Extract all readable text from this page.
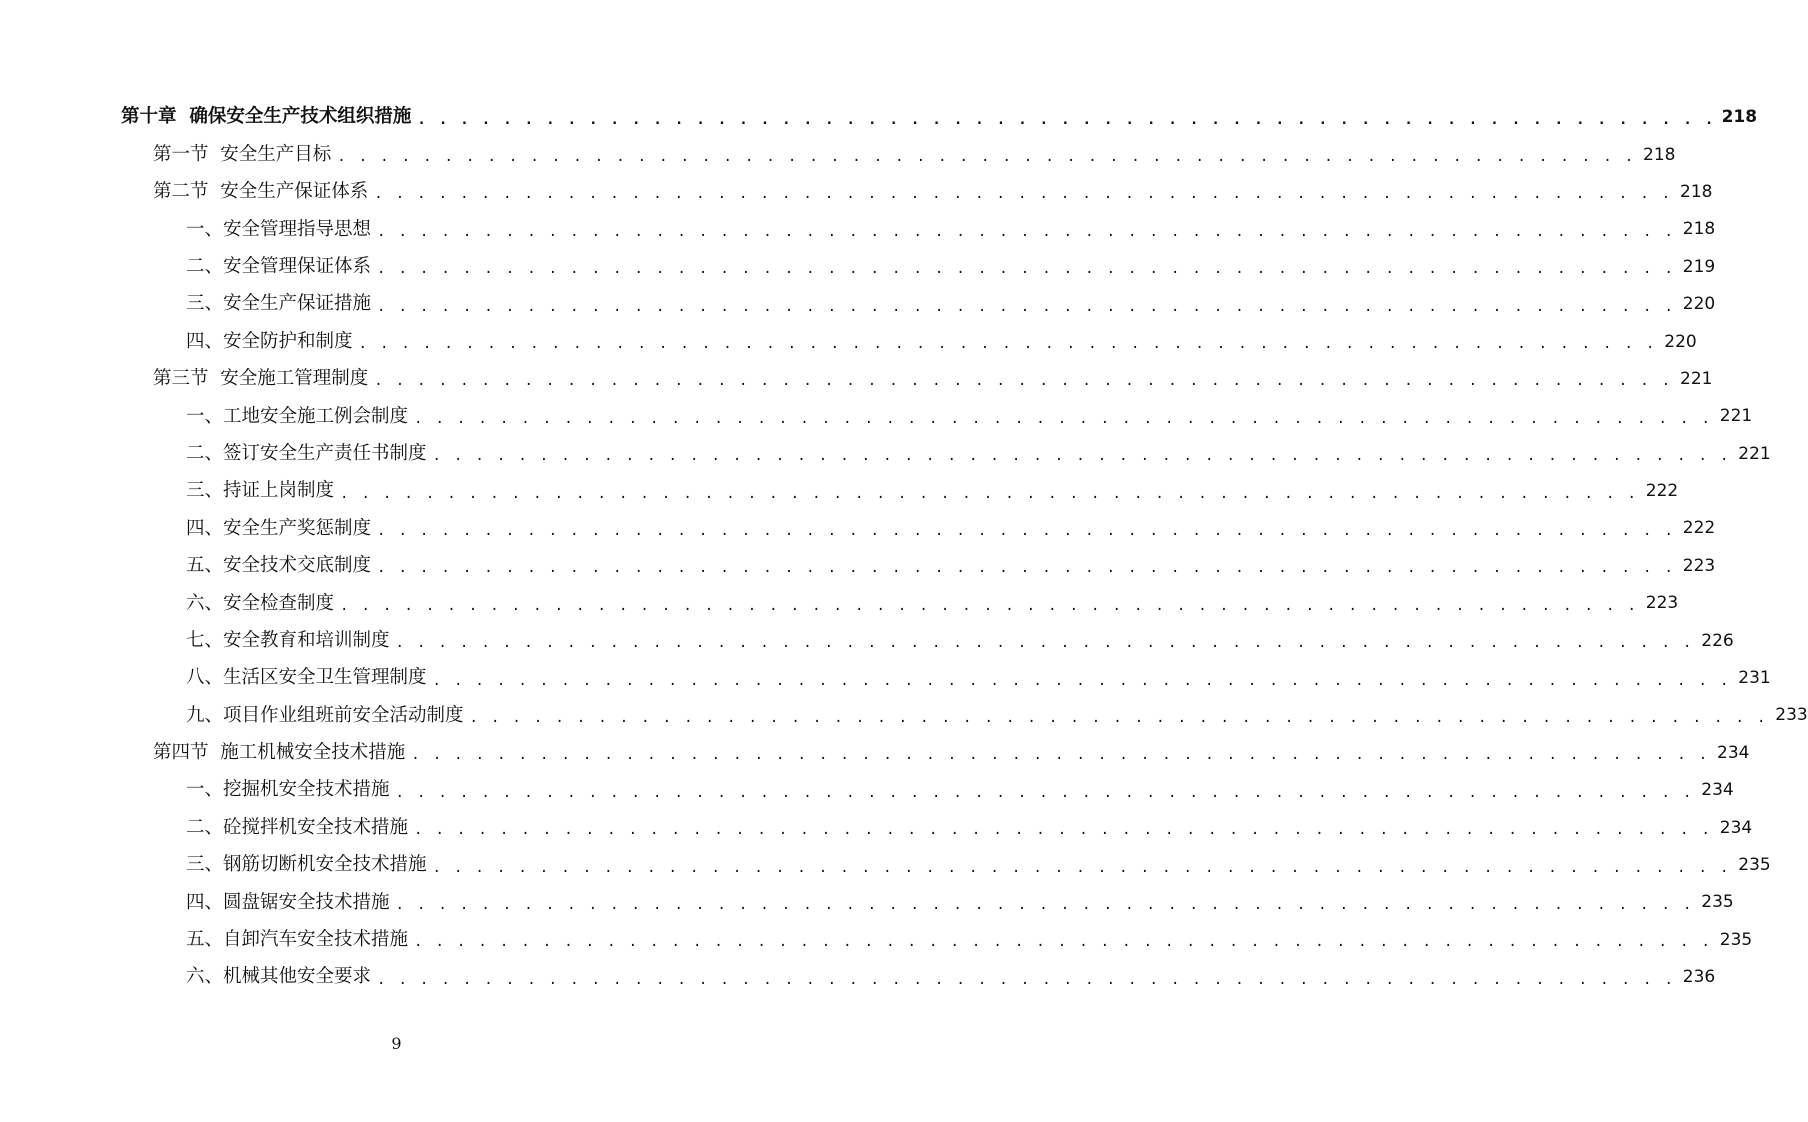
第十章  确保安全生产技术组织措施 . . . . . . . . . . . . . . . . . . . . . . . . . . . . . . . . . . . . . . . . . . . . . . . . . . . . . . . . . . . . . 218
第一节  安全生产目标 . . . . . . . . . . . . . . . . . . . . . . . . . . . . . . . . . . . . . . . . . . . . . . . . . . . . . . . . . . . . . 218
第二节  安全生产保证体系 . . . . . . . . . . . . . . . . . . . . . . . . . . . . . . . . . . . . . . . . . . . . . . . . . . . . . . . . . . . . . 218
一、安全管理指导思想 . . . . . . . . . . . . . . . . . . . . . . . . . . . . . . . . . . . . . . . . . . . . . . . . . . . . . . . . . . . . . 218
二、安全管理保证体系 . . . . . . . . . . . . . . . . . . . . . . . . . . . . . . . . . . . . . . . . . . . . . . . . . . . . . . . . . . . . . 219
三、安全生产保证措施 . . . . . . . . . . . . . . . . . . . . . . . . . . . . . . . . . . . . . . . . . . . . . . . . . . . . . . . . . . . . . 220
四、安全防护和制度 . . . . . . . . . . . . . . . . . . . . . . . . . . . . . . . . . . . . . . . . . . . . . . . . . . . . . . . . . . . . . 220
第三节  安全施工管理制度 . . . . . . . . . . . . . . . . . . . . . . . . . . . . . . . . . . . . . . . . . . . . . . . . . . . . . . . . . . . . . 221
一、工地安全施工例会制度 . . . . . . . . . . . . . . . . . . . . . . . . . . . . . . . . . . . . . . . . . . . . . . . . . . . . . . . . . . . . . 221
二、签订安全生产责任书制度 . . . . . . . . . . . . . . . . . . . . . . . . . . . . . . . . . . . . . . . . . . . . . . . . . . . . . . . . . . . . . 221
三、持证上岗制度 . . . . . . . . . . . . . . . . . . . . . . . . . . . . . . . . . . . . . . . . . . . . . . . . . . . . . . . . . . . . . 222
四、安全生产奖惩制度 . . . . . . . . . . . . . . . . . . . . . . . . . . . . . . . . . . . . . . . . . . . . . . . . . . . . . . . . . . . . . 222
五、安全技术交底制度 . . . . . . . . . . . . . . . . . . . . . . . . . . . . . . . . . . . . . . . . . . . . . . . . . . . . . . . . . . . . . 223
六、安全检查制度 . . . . . . . . . . . . . . . . . . . . . . . . . . . . . . . . . . . . . . . . . . . . . . . . . . . . . . . . . . . . . 223
七、安全教育和培训制度 . . . . . . . . . . . . . . . . . . . . . . . . . . . . . . . . . . . . . . . . . . . . . . . . . . . . . . . . . . . . . 226
八、生活区安全卫生管理制度 . . . . . . . . . . . . . . . . . . . . . . . . . . . . . . . . . . . . . . . . . . . . . . . . . . . . . . . . . . . . . 231
九、项目作业组班前安全活动制度 . . . . . . . . . . . . . . . . . . . . . . . . . . . . . . . . . . . . . . . . . . . . . . . . . . . . . . . . . . . . . 233
第四节  施工机械安全技术措施 . . . . . . . . . . . . . . . . . . . . . . . . . . . . . . . . . . . . . . . . . . . . . . . . . . . . . . . . . . . . . 234
一、挖掘机安全技术措施 . . . . . . . . . . . . . . . . . . . . . . . . . . . . . . . . . . . . . . . . . . . . . . . . . . . . . . . . . . . . . 234
二、砼搅拌机安全技术措施 . . . . . . . . . . . . . . . . . . . . . . . . . . . . . . . . . . . . . . . . . . . . . . . . . . . . . . . . . . . . . 234
三、钢筋切断机安全技术措施 . . . . . . . . . . . . . . . . . . . . . . . . . . . . . . . . . . . . . . . . . . . . . . . . . . . . . . . . . . . . . 235
四、圆盘锯安全技术措施 . . . . . . . . . . . . . . . . . . . . . . . . . . . . . . . . . . . . . . . . . . . . . . . . . . . . . . . . . . . . . 235
五、自卸汽车安全技术措施 . . . . . . . . . . . . . . . . . . . . . . . . . . . . . . . . . . . . . . . . . . . . . . . . . . . . . . . . . . . . . 235
六、机械其他安全要求 . . . . . . . . . . . . . . . . . . . . . . . . . . . . . . . . . . . . . . . . . . . . . . . . . . . . . . . . . . . . . 236
9
